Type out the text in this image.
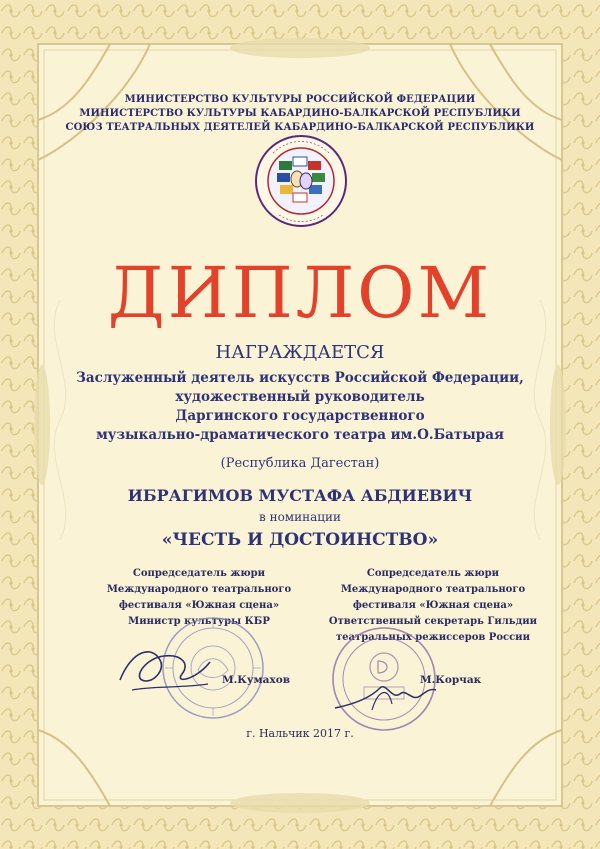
МИНИСТЕРСТВО КУЛЬТУРЫ РОССИЙСКОЙ ФЕДЕРАЦИИ
МИНИСТЕРСТВО КУЛЬТУРЫ КАБАРДИНО-БАЛКАРСКОЙ РЕСПУБЛИКИ
СОЮЗ ТЕАТРАЛЬНЫХ ДЕЯТЕЛЕЙ КАБАРДИНО-БАЛКАРСКОЙ РЕСПУБЛИКИ
ДИПЛОМ
НАГРАЖДАЕТСЯ
Заслуженный деятель искусств Российской Федерации,
художественный руководитель
Даргинского государственного
музыкально-драматического театра им.О.Батырая
(Республика Дагестан)
ИБРАГИМОВ МУСТАФА АБДИЕВИЧ
в номинации
«ЧЕСТЬ И ДОСТОИНСТВО»
Сопредседатель жюри
Международного театрального
фестиваля «Южная сцена»
Министр культуры КБР
Сопредседатель жюри
Международного театрального
фестиваля «Южная сцена»
Ответственный секретарь Гильдии
театральных режиссеров России
М.Кумахов	М.Корчак
г. Нальчик 2017 г.
